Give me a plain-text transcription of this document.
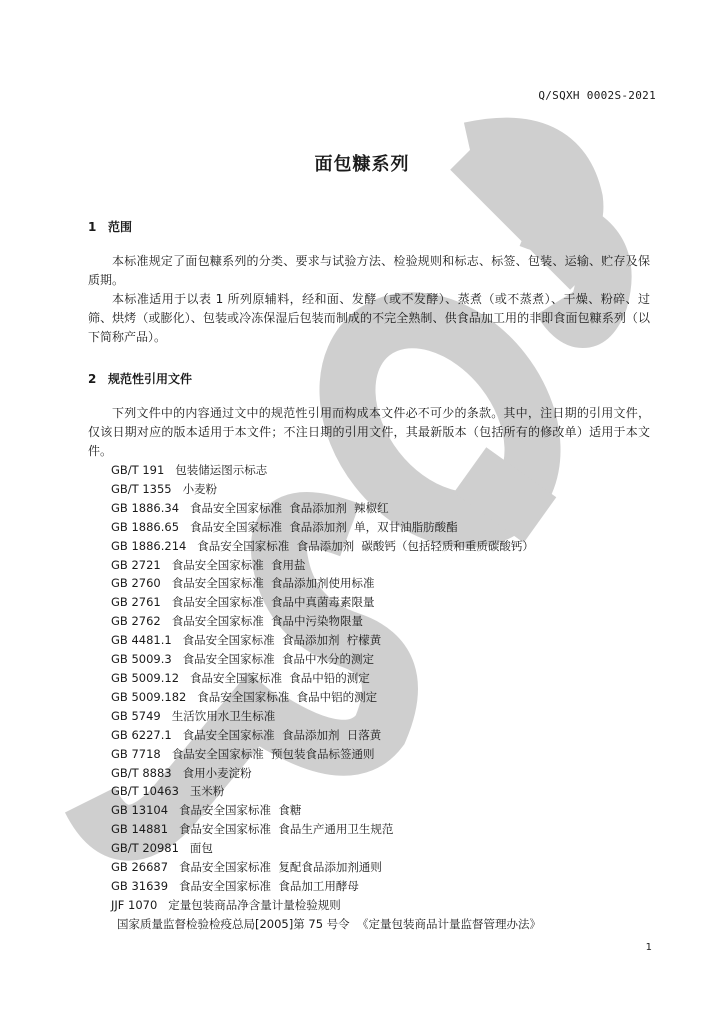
Q/SQXH 0002S-2021
面包糠系列
1 范围
本标准规定了面包糠系列的分类、要求与试验方法、检验规则和标志、标签、包装、运输、贮存及保质期。
本标准适用于以表 1 所列原辅料，经和面、发酵（或不发酵）、蒸煮（或不蒸煮）、干燥、粉碎、过筛、烘烤（或膨化）、包装或冷冻保湿后包装而制成的不完全熟制、供食品加工用的非即食面包糠系列（以下简称产品）。
2 规范性引用文件
下列文件中的内容通过文中的规范性引用而构成本文件必不可少的条款。其中，注日期的引用文件，仅该日期对应的版本适用于本文件；不注日期的引用文件，其最新版本（包括所有的修改单）适用于本文件。
GB/T 191   包装储运图示标志
GB/T 1355   小麦粉
GB 1886.34   食品安全国家标准  食品添加剂  辣椒红
GB 1886.65   食品安全国家标准  食品添加剂  单，双甘油脂肪酸酯
GB 1886.214   食品安全国家标准  食品添加剂  碳酸钙（包括轻质和重质碳酸钙）
GB 2721   食品安全国家标准  食用盐
GB 2760   食品安全国家标准  食品添加剂使用标准
GB 2761   食品安全国家标准  食品中真菌毒素限量
GB 2762   食品安全国家标准  食品中污染物限量
GB 4481.1   食品安全国家标准  食品添加剂  柠檬黄
GB 5009.3   食品安全国家标准  食品中水分的测定
GB 5009.12   食品安全国家标准  食品中铅的测定
GB 5009.182   食品安全国家标准  食品中铝的测定
GB 5749   生活饮用水卫生标准
GB 6227.1   食品安全国家标准  食品添加剂  日落黄
GB 7718   食品安全国家标准  预包装食品标签通则
GB/T 8883   食用小麦淀粉
GB/T 10463   玉米粉
GB 13104   食品安全国家标准  食糖
GB 14881   食品安全国家标准  食品生产通用卫生规范
GB/T 20981   面包
GB 26687   食品安全国家标准  复配食品添加剂通则
GB 31639   食品安全国家标准  食品加工用酵母
JJF 1070   定量包装商品净含量计量检验规则
国家质量监督检验检疫总局[2005]第 75 号令  《定量包装商品计量监督管理办法》
1
